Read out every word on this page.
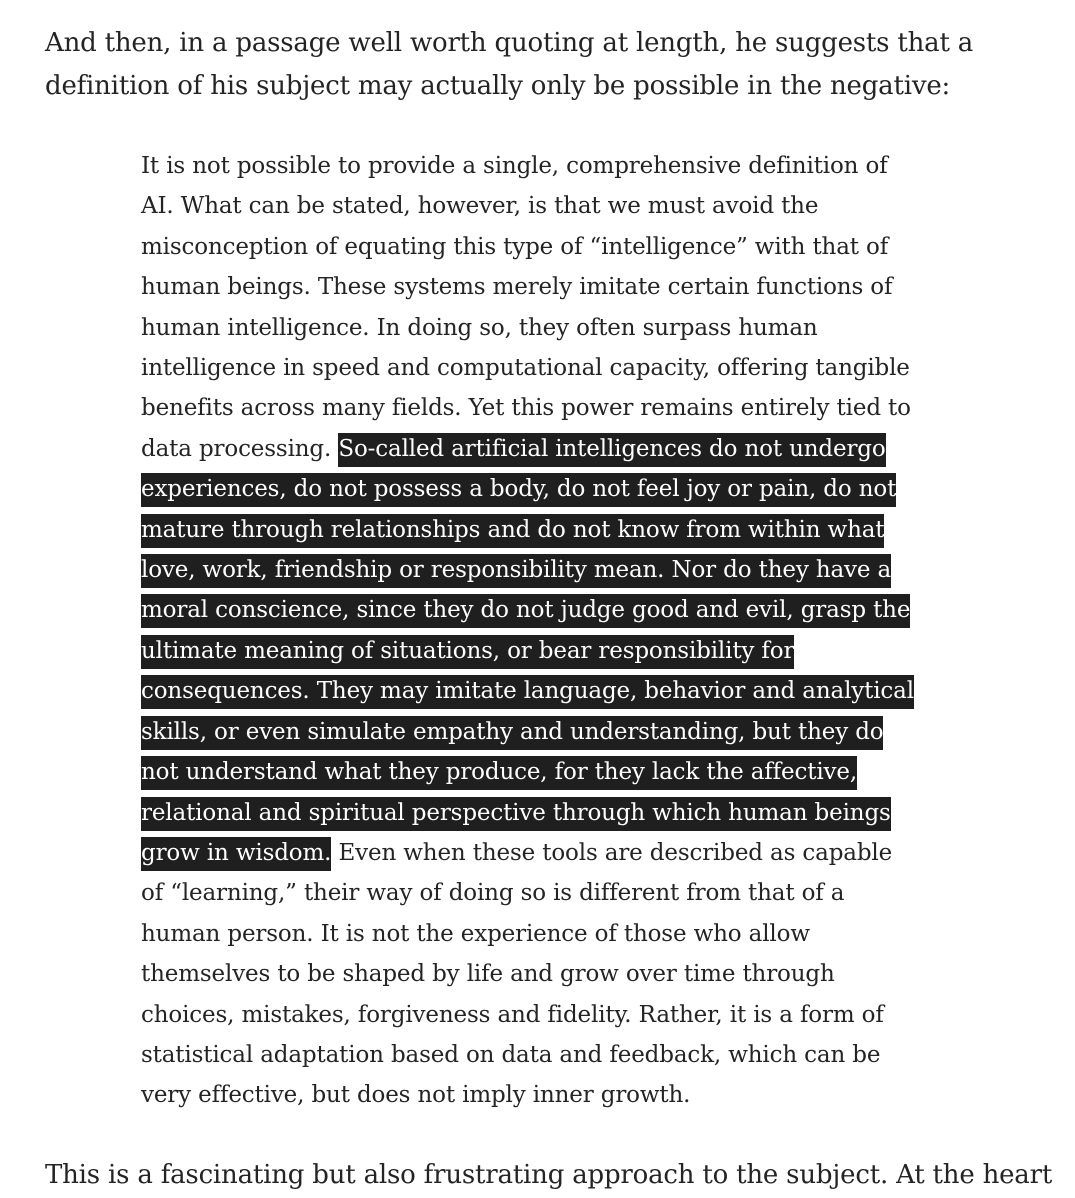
And then, in a passage well worth quoting at length, he suggests that a definition of his subject may actually only be possible in the negative:

It is not possible to provide a single, comprehensive definition of AI. What can be stated, however, is that we must avoid the misconception of equating this type of “intelligence” with that of human beings. These systems merely imitate certain functions of human intelligence. In doing so, they often surpass human intelligence in speed and computational capacity, offering tangible benefits across many fields. Yet this power remains entirely tied to data processing. So-called artificial intelligences do not undergo experiences, do not possess a body, do not feel joy or pain, do not mature through relationships and do not know from within what love, work, friendship or responsibility mean. Nor do they have a moral conscience, since they do not judge good and evil, grasp the ultimate meaning of situations, or bear responsibility for consequences. They may imitate language, behavior and analytical skills, or even simulate empathy and understanding, but they do not understand what they produce, for they lack the affective, relational and spiritual perspective through which human beings grow in wisdom. Even when these tools are described as capable of “learning,” their way of doing so is different from that of a human person. It is not the experience of those who allow themselves to be shaped by life and grow over time through choices, mistakes, forgiveness and fidelity. Rather, it is a form of statistical adaptation based on data and feedback, which can be very effective, but does not imply inner growth.

This is a fascinating but also frustrating approach to the subject. At the heart
